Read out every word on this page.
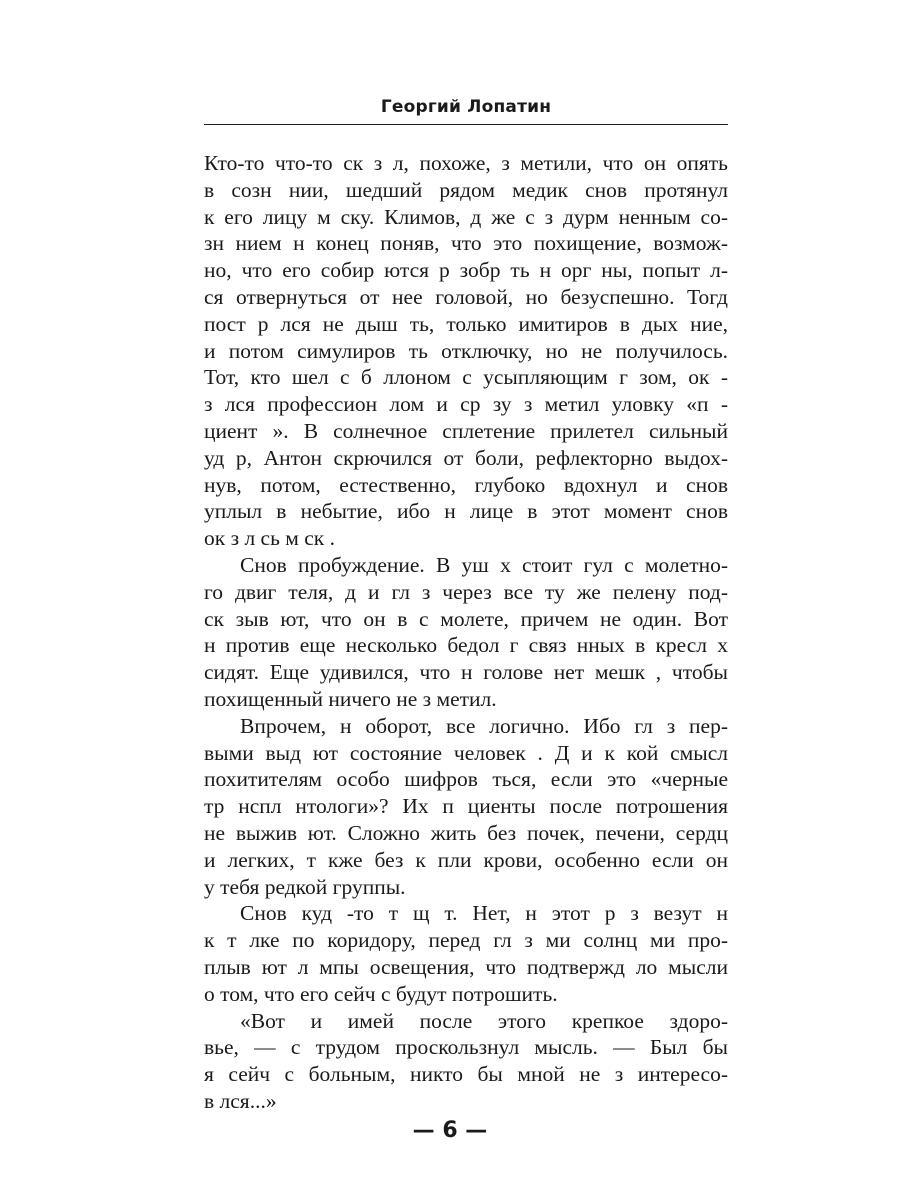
Георгий Лопатин
Кто-то что-то ск з л, похоже, з метили, что он опять
в созн нии, шедший рядом медик снов протянул
к его лицу м ску. Климов, д же с з дурм ненным со-
зн нием н конец поняв, что это похищение, возмож-
но, что его собир ются р зобр ть н орг ны, попыт л-
ся отвернуться от нее головой, но безуспешно. Тогд
пост р лся не дыш ть, только имитиров в дых ние,
и потом симулиров ть отключку, но не получилось.
Тот, кто шел с б ллоном с усыпляющим г зом, ок -
з лся профессион лом и ср зу з метил уловку «п -
циент ». В солнечное сплетение прилетел сильный
уд р, Антон скрючился от боли, рефлекторно выдох-
нув, потом, естественно, глубоко вдохнул и снов
уплыл в небытие, ибо н лице в этот момент снов
ок з л сь м ск .
Снов пробуждение. В уш х стоит гул с молетно-
го двиг теля, д и гл з через все ту же пелену под-
ск зыв ют, что он в с молете, причем не один. Вот
н против еще несколько бедол г связ нных в кресл х
сидят. Еще удивился, что н голове нет мешк , чтобы
похищенный ничего не з метил.
Впрочем, н оборот, все логично. Ибо гл з пер-
выми выд ют состояние человек . Д и к кой смысл
похитителям особо шифров ться, если это «черные
тр нспл нтологи»? Их п циенты после потрошения
не выжив ют. Сложно жить без почек, печени, сердц
и легких, т кже без к пли крови, особенно если он
у тебя редкой группы.
Снов куд -то т щ т. Нет, н этот р з везут н
к т лке по коридору, перед гл з ми солнц ми про-
плыв ют л мпы освещения, что подтвержд ло мысли
о том, что его сейч с будут потрошить.
«Вот и имей после этого крепкое здоро-
вье, — с трудом проскользнул мысль. — Был бы
я сейч с больным, никто бы мной не з интересо-
в лся...»
— 6 —
